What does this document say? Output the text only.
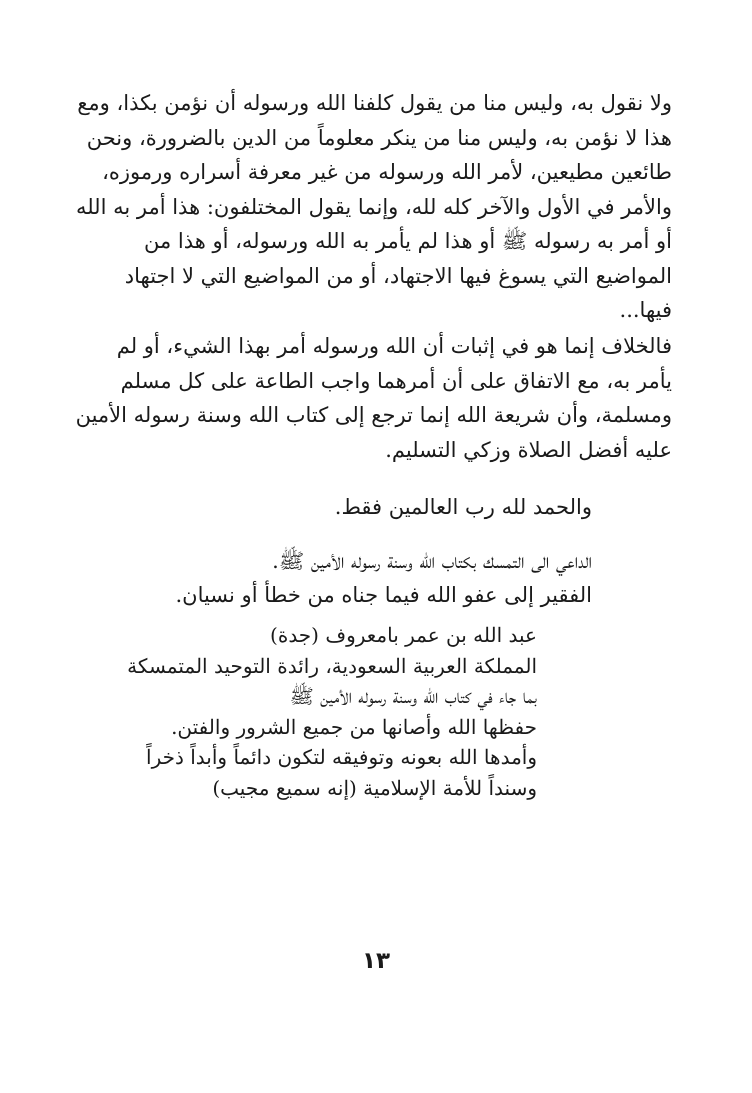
ولا نقول به، وليس منا من يقول كلفنا الله ورسوله أن نؤمن بكذا، ومع
هذا لا نؤمن به، وليس منا من ينكر معلوماً من الدين بالضرورة، ونحن
طائعين مطيعين، لأمر الله ورسوله من غير معرفة أسراره ورموزه،
والأمر في الأول والآخر كله لله، وإنما يقول المختلفون: هذا أمر به الله
أو أمر به رسوله ﷺ أو هذا لم يأمر به الله ورسوله، أو هذا من
المواضيع التي يسوغ فيها الاجتهاد، أو من المواضيع التي لا اجتهاد
فيها...

فالخلاف إنما هو في إثبات أن الله ورسوله أمر بهذا الشيء، أو لم
يأمر به، مع الاتفاق على أن أمرهما واجب الطاعة على كل مسلم
ومسلمة، وأن شريعة الله إنما ترجع إلى كتاب الله وسنة رسوله الأمين
عليه أفضل الصلاة وزكي التسليم.

والحمد لله رب العالمين فقط.
الداعي الى التمسك بكتاب الله وسنة رسوله الأمين ﷺ.
الفقير إلى عفو الله فيما جناه من خطأ أو نسيان.
عبد الله بن عمر بامعروف (جدة)
المملكة العربية السعودية، رائدة التوحيد المتمسكة
بما جاء في كتاب الله وسنة رسوله الأمين ﷺ
حفظها الله وأصانها من جميع الشرور والفتن.
وأمدها الله بعونه وتوفيقه لتكون دائماً وأبداً ذخراً
وسنداً للأمة الإسلامية (إنه سميع مجيب)
١٣
